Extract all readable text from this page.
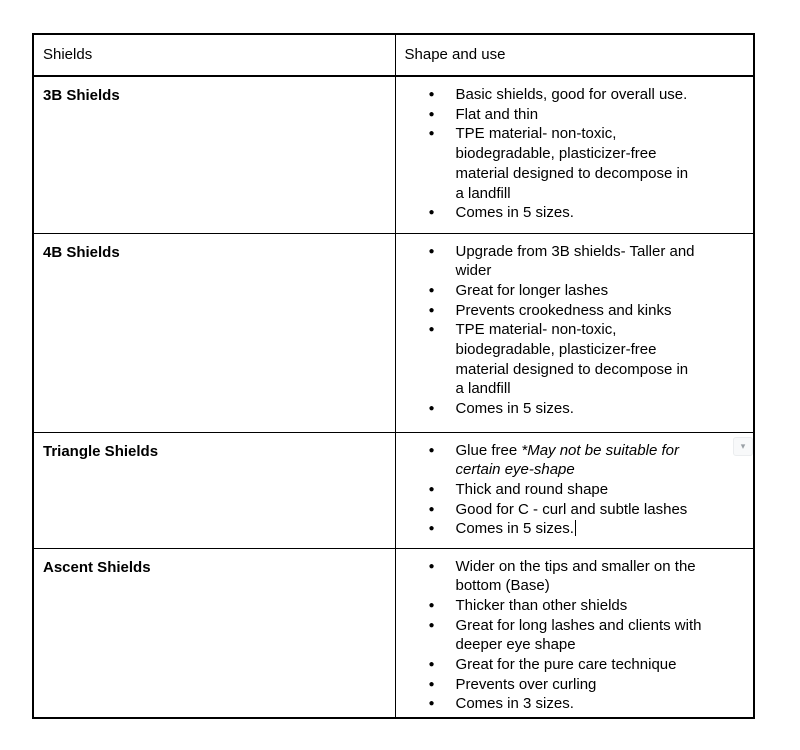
Shields	Shape and use

3B Shields	●	Basic shields, good for overall use.
●	Flat and thin
●	TPE material- non-toxic,
biodegradable, plasticizer-free
material designed to decompose in
a landfill
●	Comes in 5 sizes.

4B Shields	●	Upgrade from 3B shields- Taller and
wider
●	Great for longer lashes
●	Prevents crookedness and kinks
●	TPE material- non-toxic,
biodegradable, plasticizer-free
material designed to decompose in
a landfill
●	Comes in 5 sizes.

Triangle Shields	●	Glue free *May not be suitable for
certain eye-shape
●	Thick and round shape
●	Good for C - curl and subtle lashes
●	Comes in 5 sizes.

Ascent Shields	●	Wider on the tips and smaller on the
bottom (Base)
●	Thicker than other shields
●	Great for long lashes and clients with
deeper eye shape
●	Great for the pure care technique
●	Prevents over curling
●	Comes in 3 sizes.
▾
